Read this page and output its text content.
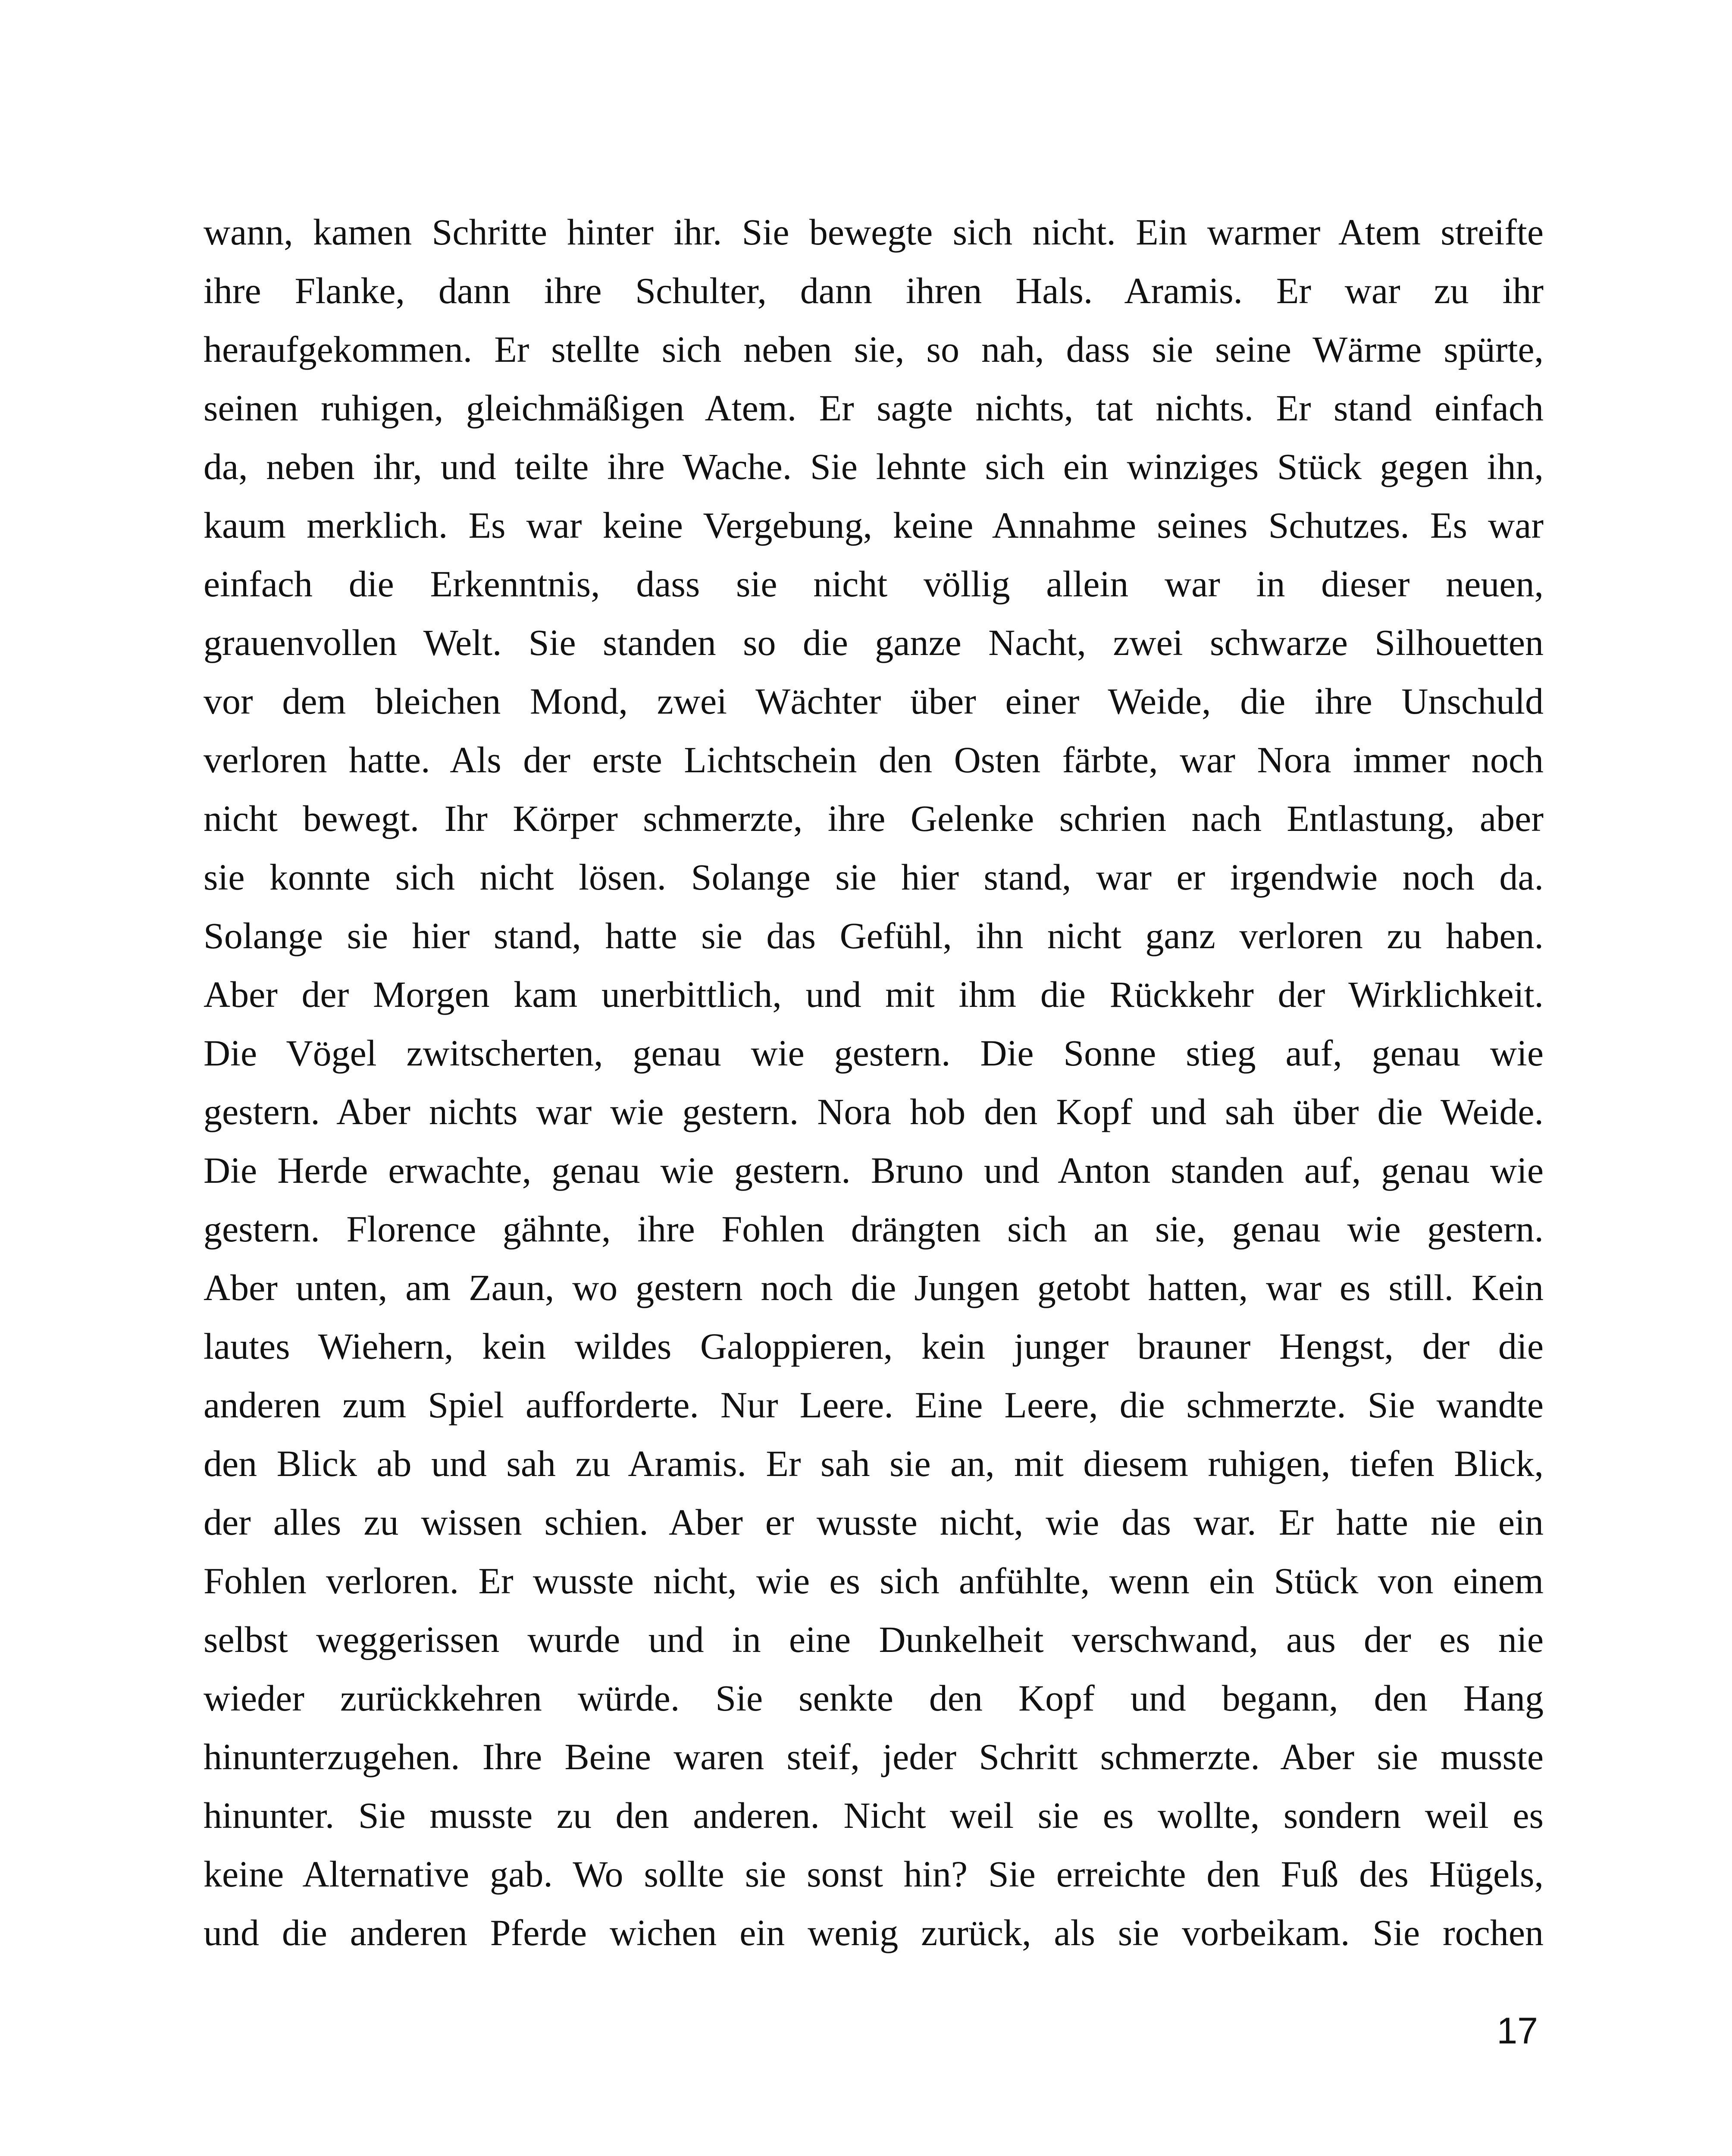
wann, kamen Schritte hinter ihr. Sie bewegte sich nicht. Ein warmer Atem streifte
ihre Flanke, dann ihre Schulter, dann ihren Hals. Aramis. Er war zu ihr
heraufgekommen. Er stellte sich neben sie, so nah, dass sie seine Wärme spürte,
seinen ruhigen, gleichmäßigen Atem. Er sagte nichts, tat nichts. Er stand einfach
da, neben ihr, und teilte ihre Wache. Sie lehnte sich ein winziges Stück gegen ihn,
kaum merklich. Es war keine Vergebung, keine Annahme seines Schutzes. Es war
einfach die Erkenntnis, dass sie nicht völlig allein war in dieser neuen,
grauenvollen Welt. Sie standen so die ganze Nacht, zwei schwarze Silhouetten
vor dem bleichen Mond, zwei Wächter über einer Weide, die ihre Unschuld
verloren hatte. Als der erste Lichtschein den Osten färbte, war Nora immer noch
nicht bewegt. Ihr Körper schmerzte, ihre Gelenke schrien nach Entlastung, aber
sie konnte sich nicht lösen. Solange sie hier stand, war er irgendwie noch da.
Solange sie hier stand, hatte sie das Gefühl, ihn nicht ganz verloren zu haben.
Aber der Morgen kam unerbittlich, und mit ihm die Rückkehr der Wirklichkeit.
Die Vögel zwitscherten, genau wie gestern. Die Sonne stieg auf, genau wie
gestern. Aber nichts war wie gestern. Nora hob den Kopf und sah über die Weide.
Die Herde erwachte, genau wie gestern. Bruno und Anton standen auf, genau wie
gestern. Florence gähnte, ihre Fohlen drängten sich an sie, genau wie gestern.
Aber unten, am Zaun, wo gestern noch die Jungen getobt hatten, war es still. Kein
lautes Wiehern, kein wildes Galoppieren, kein junger brauner Hengst, der die
anderen zum Spiel aufforderte. Nur Leere. Eine Leere, die schmerzte. Sie wandte
den Blick ab und sah zu Aramis. Er sah sie an, mit diesem ruhigen, tiefen Blick,
der alles zu wissen schien. Aber er wusste nicht, wie das war. Er hatte nie ein
Fohlen verloren. Er wusste nicht, wie es sich anfühlte, wenn ein Stück von einem
selbst weggerissen wurde und in eine Dunkelheit verschwand, aus der es nie
wieder zurückkehren würde. Sie senkte den Kopf und begann, den Hang
hinunterzugehen. Ihre Beine waren steif, jeder Schritt schmerzte. Aber sie musste
hinunter. Sie musste zu den anderen. Nicht weil sie es wollte, sondern weil es
keine Alternative gab. Wo sollte sie sonst hin? Sie erreichte den Fuß des Hügels,
und die anderen Pferde wichen ein wenig zurück, als sie vorbeikam. Sie rochen
17
